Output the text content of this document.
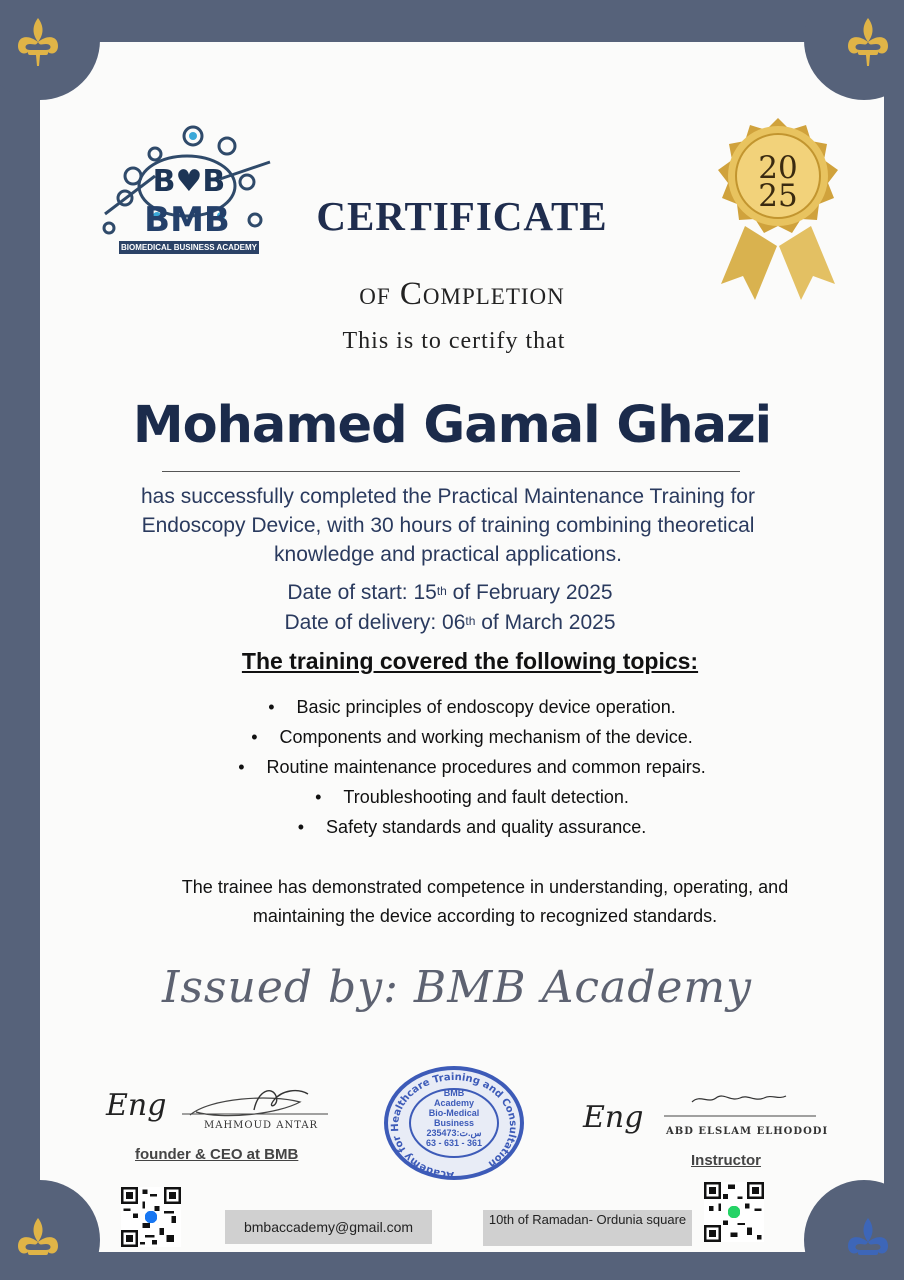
B♥B
BMB
BIOMEDICAL BUSINESS ACADEMY
20
25
CERTIFICATE
of Completion
This is to certify that
Mohamed Gamal Ghazi
has successfully completed the Practical Maintenance Training for Endoscopy Device, with 30 hours of training combining theoretical knowledge and practical applications.
Date of start: 15th of February 2025
Date of delivery: 06th of March 2025
The training covered the following topics:
• Basic principles of endoscopy device operation.
• Components and working mechanism of the device.
• Routine maintenance procedures and common repairs.
• Troubleshooting and fault detection.
• Safety standards and quality assurance.
The trainee has demonstrated competence in understanding, operating, and maintaining the device according to recognized standards.
Issued by: BMB Academy
Eng
MAHMOUD ANTAR
founder & CEO at BMB
Academy for Healthcare Training and Consultation
BMB
Academy
Bio-Medical
Business
235473:س.ت
63 - 631 - 361
Eng ABD ELSLAM ELHODODI
Instructor
bmbaccademy@gmail.com	10th of Ramadan- Ordunia square
